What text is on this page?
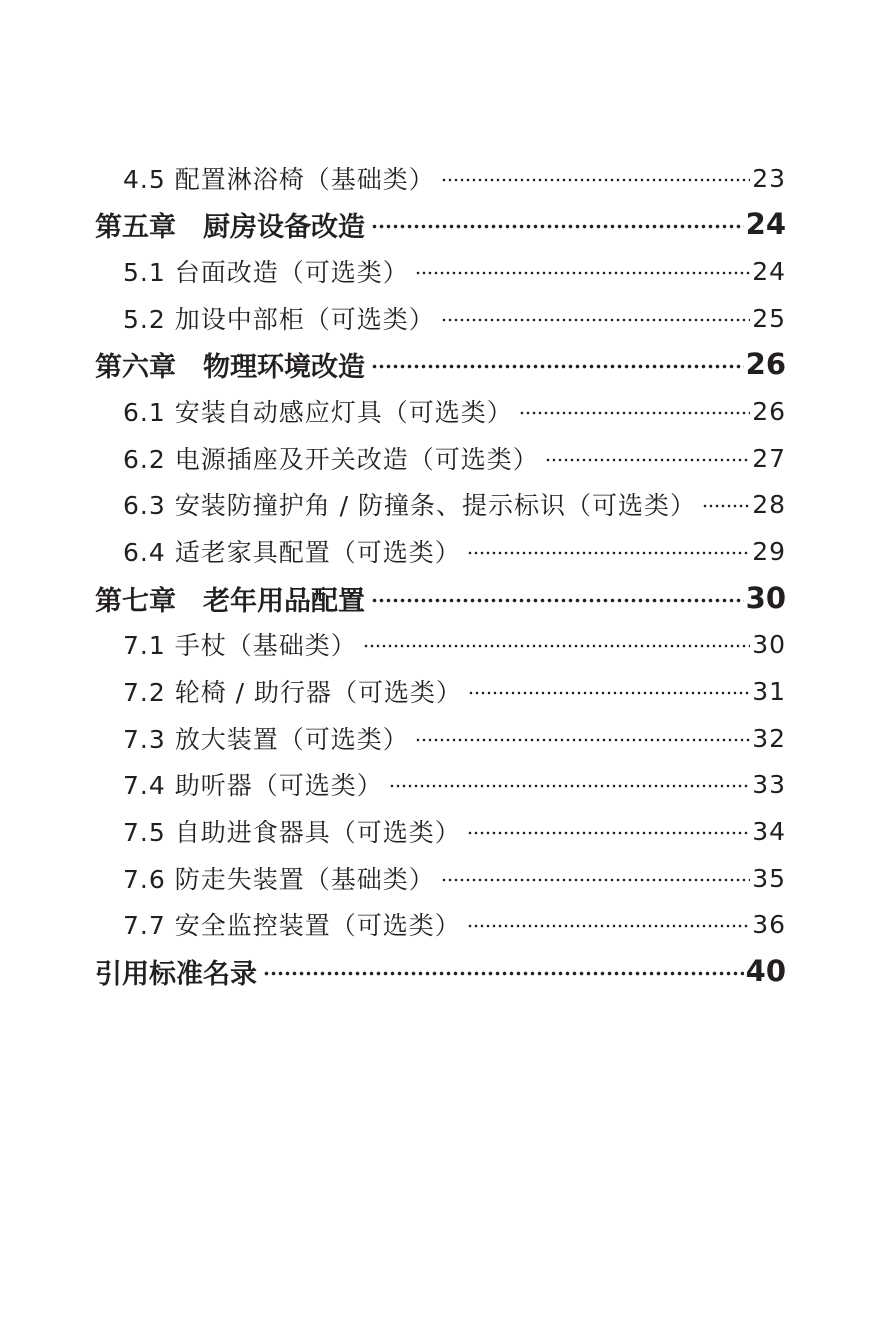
4.5 配置淋浴椅（基础类）	23
第五章　厨房设备改造	24
5.1 台面改造（可选类）	24
5.2 加设中部柜（可选类）	25
第六章　物理环境改造	26
6.1 安装自动感应灯具（可选类）	26
6.2 电源插座及开关改造（可选类）	27
6.3 安装防撞护角 / 防撞条、提示标识（可选类） 28
6.4 适老家具配置（可选类）	29
第七章　老年用品配置	30
7.1 手杖（基础类）	30
7.2 轮椅 / 助行器（可选类）	31
7.3 放大装置（可选类）	32
7.4 助听器（可选类）	33
7.5 自助进食器具（可选类）	34
7.6 防走失装置（基础类）	35
7.7 安全监控装置（可选类）	36
引用标准名录	40
